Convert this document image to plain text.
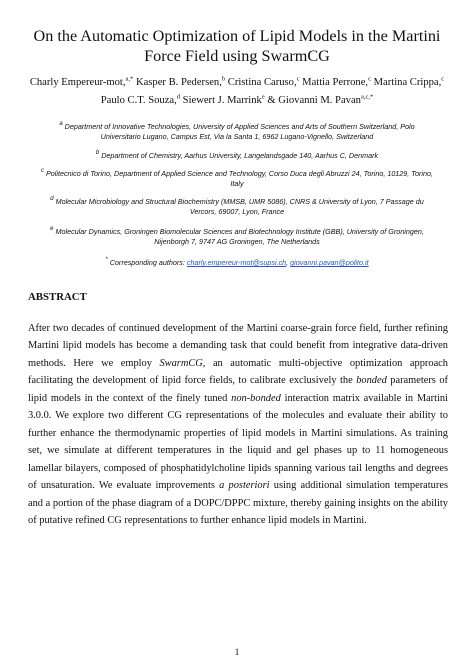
On the Automatic Optimization of Lipid Models in the Martini Force Field using SwarmCG
Charly Empereur-mot,$^{a,*}$ Kasper B. Pedersen,$^b$ Cristina Caruso,$^c$ Mattia Perrone,$^c$ Martina Crippa,$^c$ Paulo C.T. Souza,$^d$ Siewert J. Marrink$^e$ & Giovanni M. Pavan$^{a,c,*}$
$^a$ Department of Innovative Technologies, University of Applied Sciences and Arts of Southern Switzerland, Polo Universitario Lugano, Campus Est, Via la Santa 1, 6962 Lugano-Vignello, Switzerland
$^b$ Department of Chemistry, Aarhus University, Langelandsgade 140, Aarhus C, Denmark
$^c$ Politecnico di Torino, Department of Applied Science and Technology, Corso Duca degli Abruzzi 24, Torino, 10129, Torino, Italy
$^d$ Molecular Microbiology and Structural Biochemistry (MMSB, UMR 5086), CNRS & University of Lyon, 7 Passage du Vercors, 69007, Lyon, France
$^e$ Molecular Dynamics, Groningen Biomolecular Sciences and Biotechnology Institute (GBB), University of Groningen, Nijenborgh 7, 9747 AG Groningen, The Netherlands
* Corresponding authors: charly.empereur-mot@supsi.ch, giovanni.pavan@polito.it
ABSTRACT
After two decades of continued development of the Martini coarse-grain force field, further refining Martini lipid models has become a demanding task that could benefit from integrative data-driven methods. Here we employ SwarmCG, an automatic multi-objective optimization approach facilitating the development of lipid force fields, to calibrate exclusively the bonded parameters of lipid models in the context of the finely tuned non-bonded interaction matrix available in Martini 3.0.0. We explore two different CG representations of the molecules and evaluate their ability to further enhance the thermodynamic properties of lipid models in Martini simulations. As training set, we simulate at different temperatures in the liquid and gel phases up to 11 homogeneous lamellar bilayers, composed of phosphatidylcholine lipids spanning various tail lengths and degrees of unsaturation. We evaluate improvements a posteriori using additional simulation temperatures and a portion of the phase diagram of a DOPC/DPPC mixture, thereby gaining insights on the ability of putative refined CG representations to further enhance lipid models in Martini.
1
